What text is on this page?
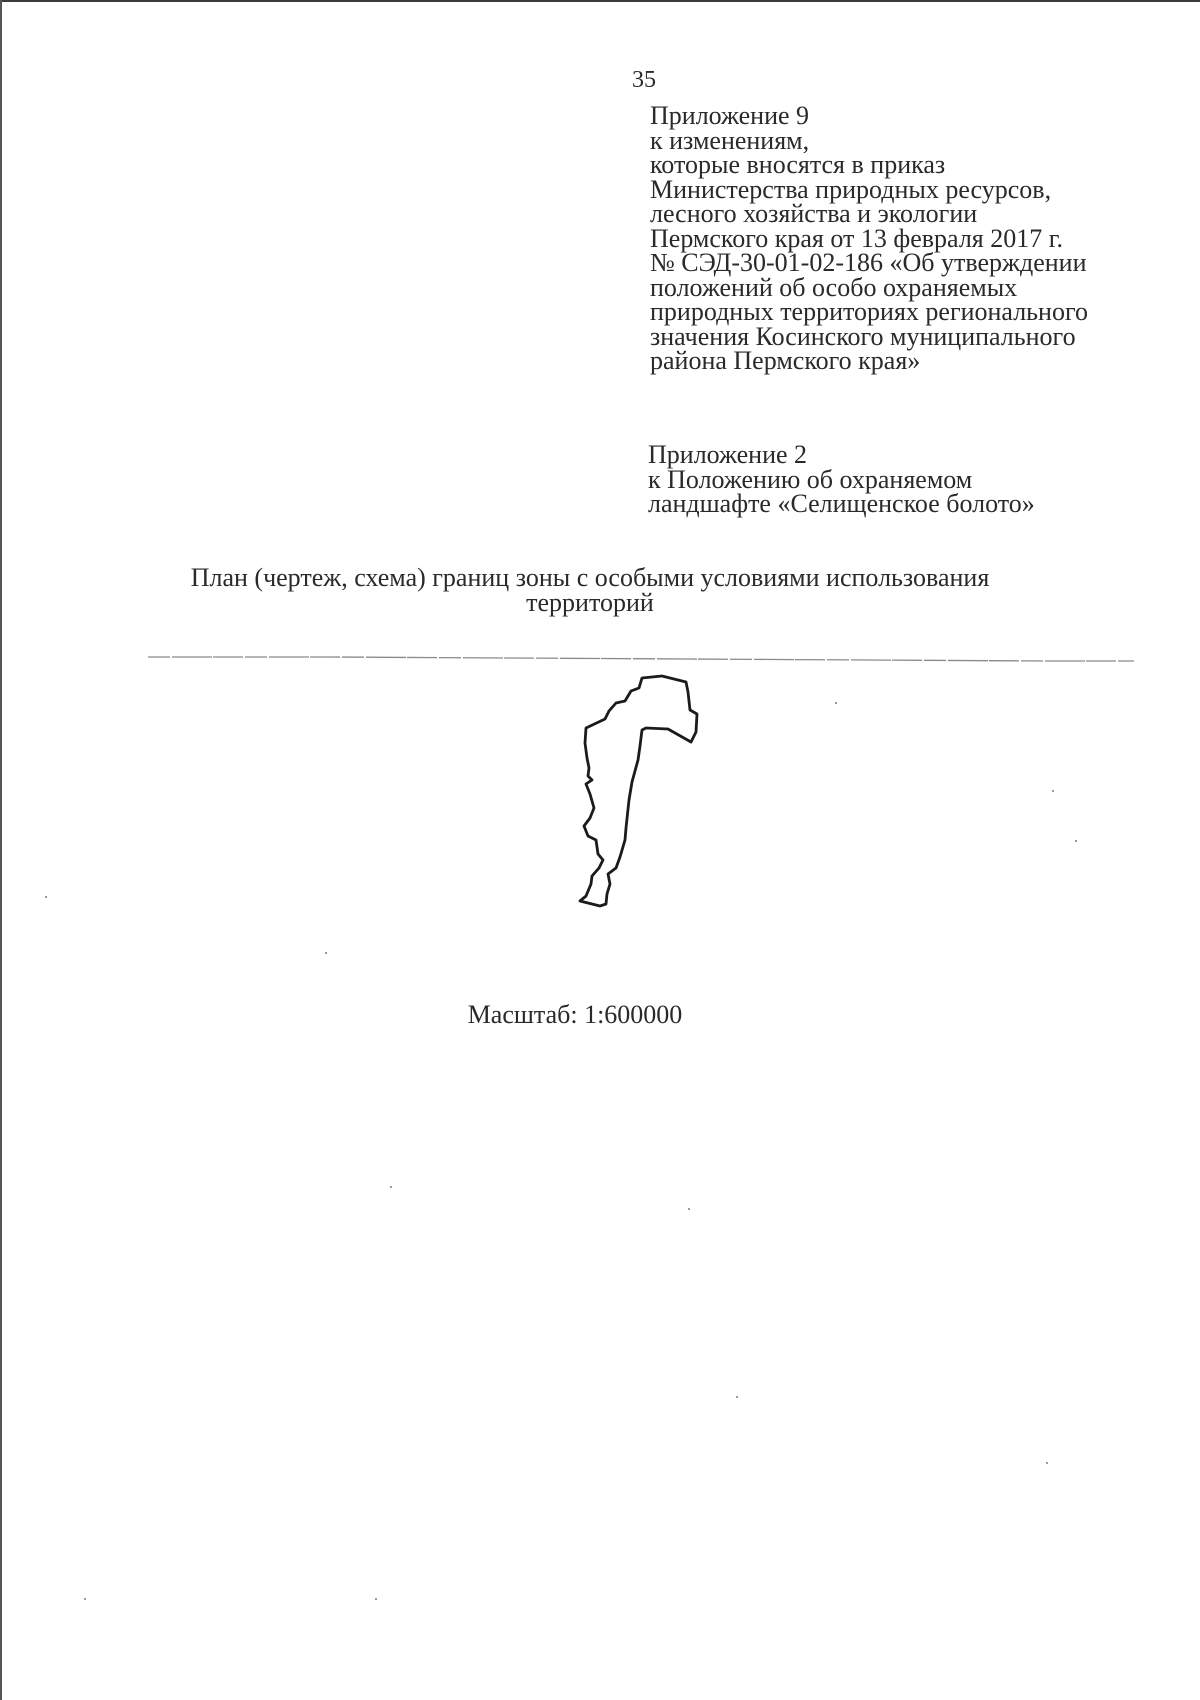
35
Приложение 9
к изменениям,
которые вносятся в приказ
Министерства природных ресурсов,
лесного хозяйства и экологии
Пермского края от 13 февраля 2017 г.
№ СЭД-30-01-02-186 «Об утверждении
положений об особо охраняемых
природных территориях регионального
значения Косинского муниципального
района Пермского края»
Приложение 2
к Положению об охраняемом
ландшафте «Селищенское болото»
План (чертеж, схема) границ зоны с особыми условиями использования
территорий
Масштаб: 1:600000
